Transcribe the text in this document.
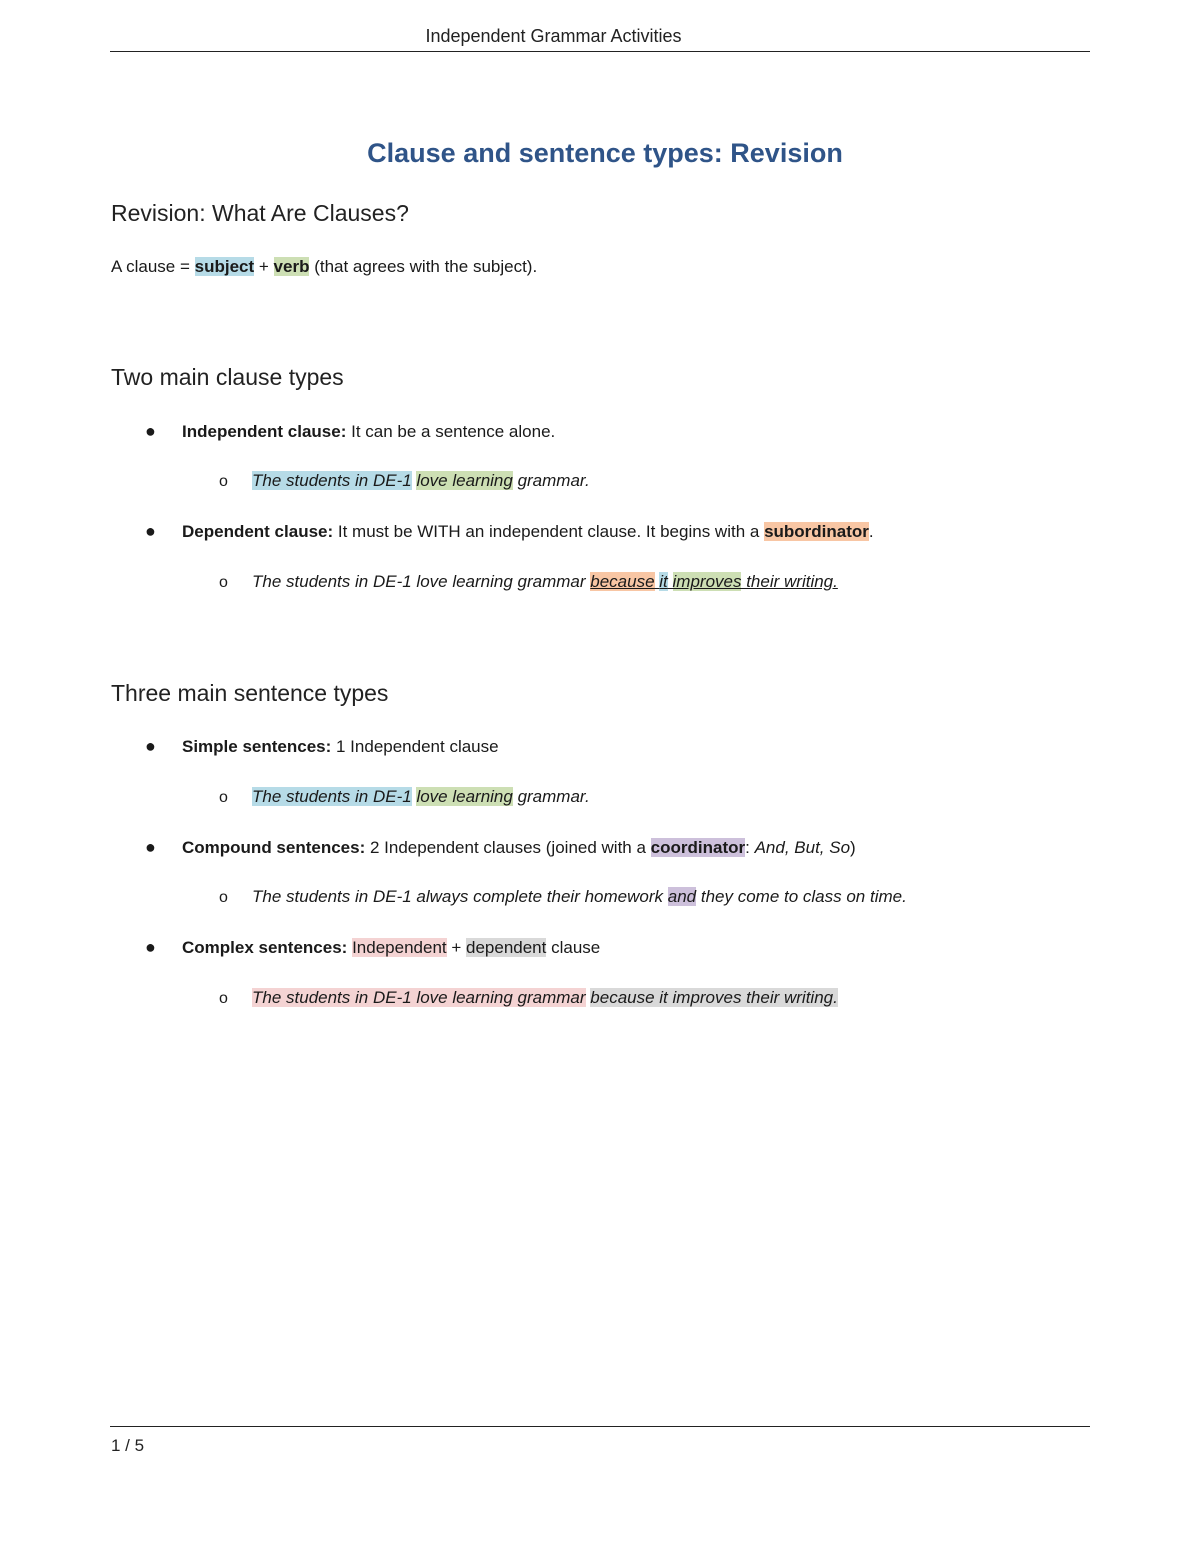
Independent Grammar Activities
Clause and sentence types: Revision
Revision: What Are Clauses?
A clause = subject + verb (that agrees with the subject).
Two main clause types
● Independent clause: It can be a sentence alone.
o The students in DE-1 love learning grammar.
● Dependent clause: It must be WITH an independent clause. It begins with a subordinator.
o The students in DE-1 love learning grammar because it improves their writing.
Three main sentence types
● Simple sentences: 1 Independent clause
o The students in DE-1 love learning grammar.
● Compound sentences: 2 Independent clauses (joined with a coordinator: And, But, So)
o The students in DE-1 always complete their homework and they come to class on time.
● Complex sentences: Independent + dependent clause
o The students in DE-1 love learning grammar because it improves their writing.
1 / 5
